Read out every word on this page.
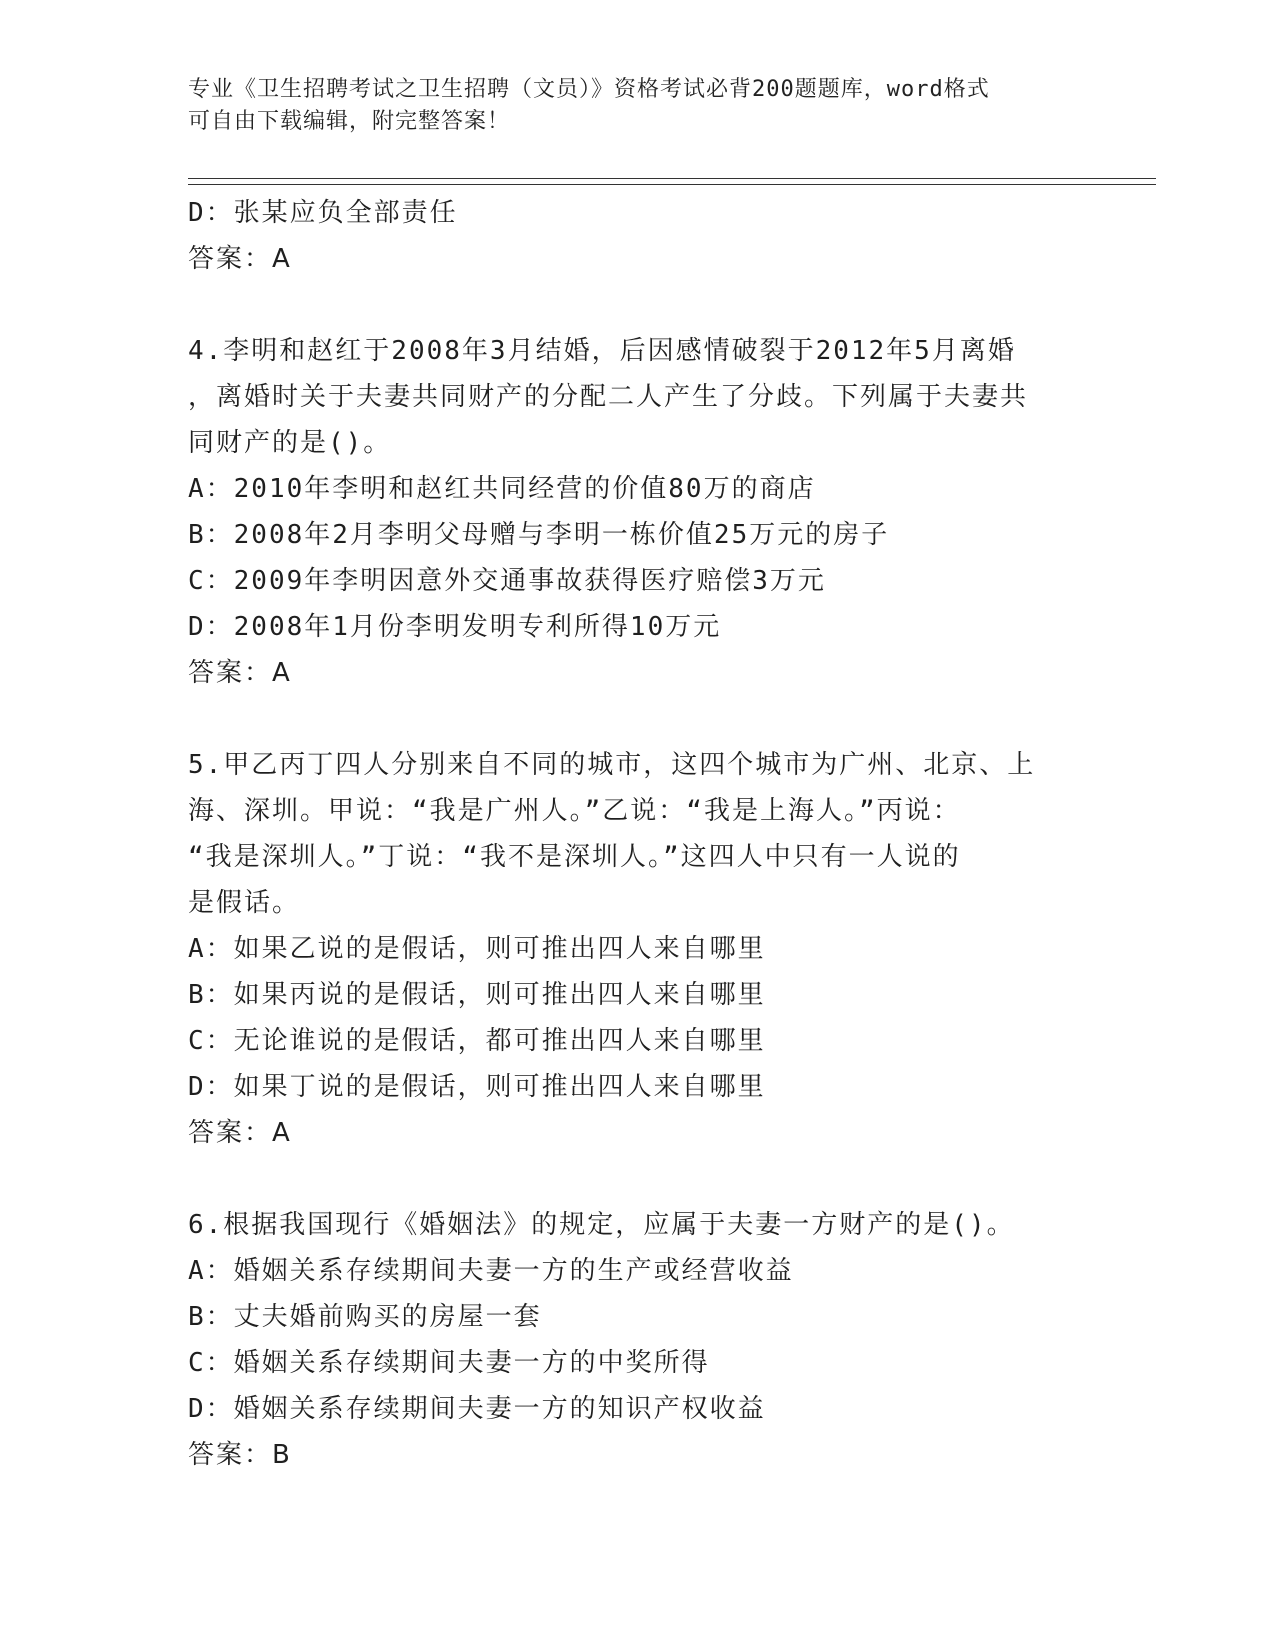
专业《卫生招聘考试之卫生招聘（文员）》资格考试必背200题题库，word格式
可自由下载编辑，附完整答案！
D：张某应负全部责任
答案：A
4.李明和赵红于2008年3月结婚，后因感情破裂于2012年5月离婚
，离婚时关于夫妻共同财产的分配二人产生了分歧。下列属于夫妻共
同财产的是()。
A：2010年李明和赵红共同经营的价值80万的商店
B：2008年2月李明父母赠与李明一栋价值25万元的房子
C：2009年李明因意外交通事故获得医疗赔偿3万元
D：2008年1月份李明发明专利所得10万元
答案：A
5.甲乙丙丁四人分别来自不同的城市，这四个城市为广州、北京、上
海、深圳。甲说：“我是广州人。”乙说：“我是上海人。”丙说：
“我是深圳人。”丁说：“我不是深圳人。”这四人中只有一人说的
是假话。
A：如果乙说的是假话，则可推出四人来自哪里
B：如果丙说的是假话，则可推出四人来自哪里
C：无论谁说的是假话，都可推出四人来自哪里
D：如果丁说的是假话，则可推出四人来自哪里
答案：A
6.根据我国现行《婚姻法》的规定，应属于夫妻一方财产的是()。
A：婚姻关系存续期间夫妻一方的生产或经营收益
B：丈夫婚前购买的房屋一套
C：婚姻关系存续期间夫妻一方的中奖所得
D：婚姻关系存续期间夫妻一方的知识产权收益
答案：B
